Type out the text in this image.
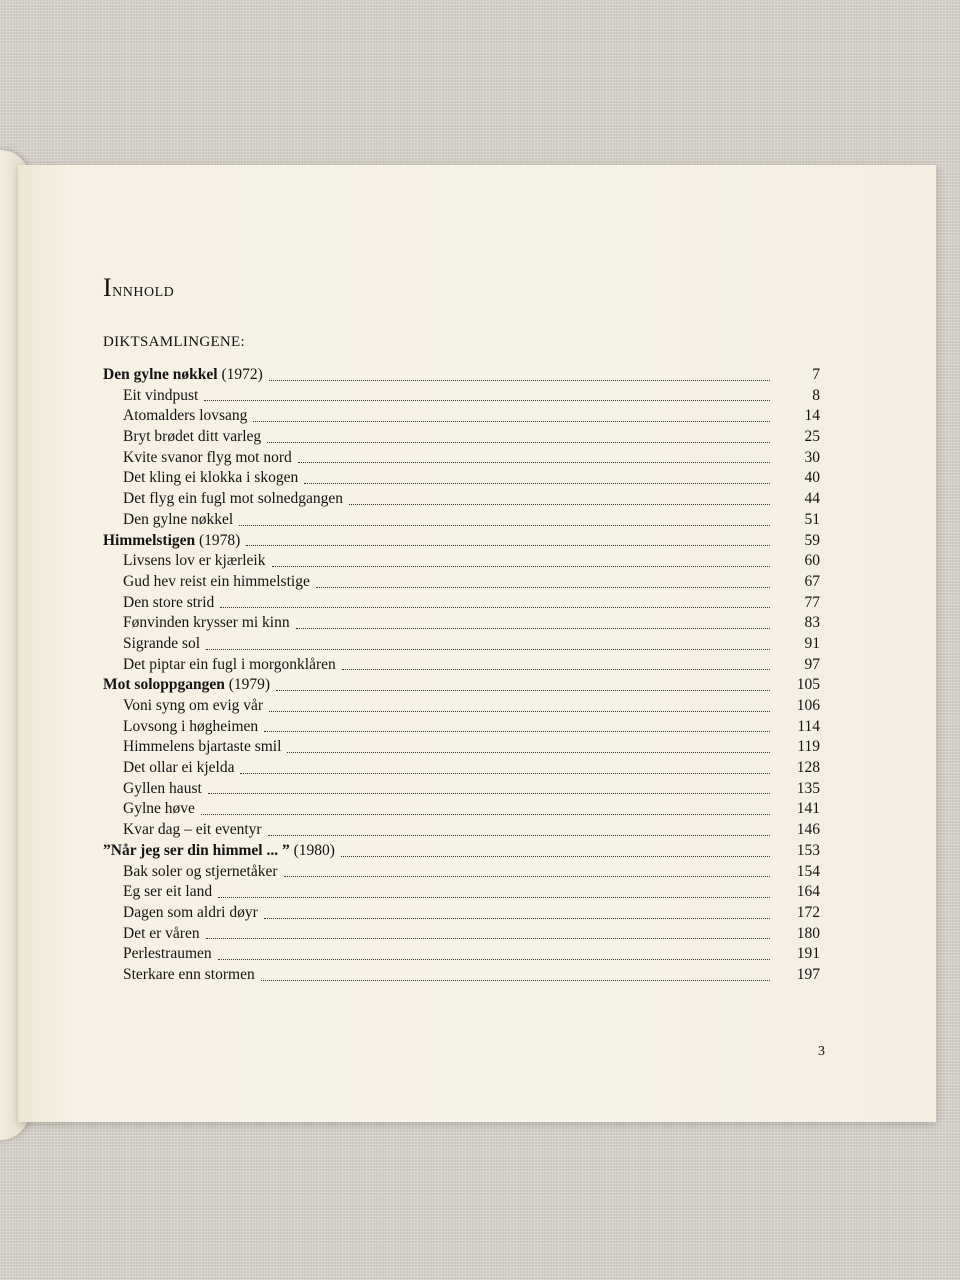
Innhold
DIKTSAMLINGENE:
Den gylne nøkkel (1972)	7
Eit vindpust	8
Atomalders lovsang	14
Bryt brødet ditt varleg	25
Kvite svanor flyg mot nord	30
Det kling ei klokka i skogen	40
Det flyg ein fugl mot solnedgangen	44
Den gylne nøkkel	51
Himmelstigen (1978)	59
Livsens lov er kjærleik	60
Gud hev reist ein himmelstige	67
Den store strid	77
Fønvinden krysser mi kinn	83
Sigrande sol	91
Det piptar ein fugl i morgonklåren	97
Mot soloppgangen (1979)	105
Voni syng om evig vår	106
Lovsong i høgheimen	114
Himmelens bjartaste smil	119
Det ollar ei kjelda	128
Gyllen haust	135
Gylne høve	141
Kvar dag – eit eventyr	146
”Når jeg ser din himmel ... ” (1980)	153
Bak soler og stjernetåker	154
Eg ser eit land	164
Dagen som aldri døyr	172
Det er våren	180
Perlestraumen	191
Sterkare enn stormen	197
3
